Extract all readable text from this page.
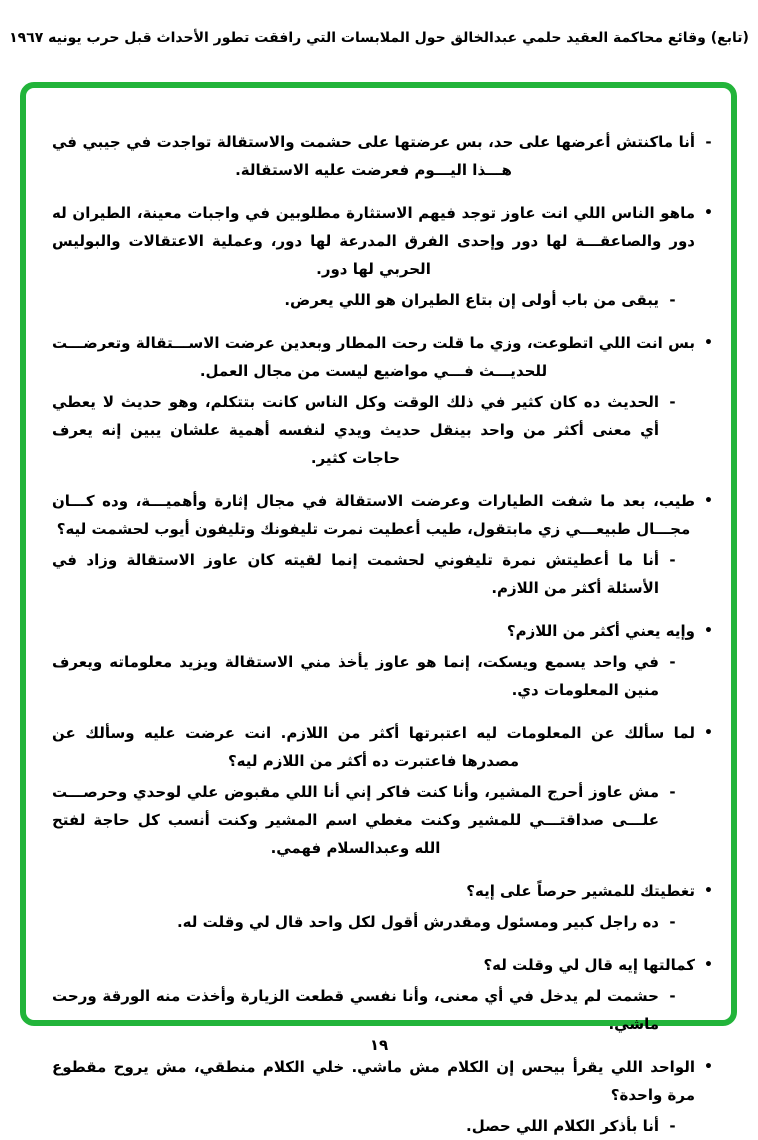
(تابع) وقائع محاكمة العقيد حلمي عبدالخالق حول الملابسات التي رافقت تطور الأحداث قبل حرب يونيه ١٩٦٧
-
أنا ماكنتش أعرضها على حد، بس عرضتها على حشمت والاستقالة تواجدت في جيبي في هـــذا اليـــوم فعرضت عليه الاستقالة.
•
ماهو الناس اللي انت عاوز توجد فيهم الاستثارة مطلوبين في واجبات معينة، الطيران له دور والصاعقـــة لها دور وإحدى الفرق المدرعة لها دور، وعملية الاعتقالات والبوليس الحربي لها دور.
-
يبقى من باب أولى إن بتاع الطيران هو اللي يعرض.
•
بس انت اللي اتطوعت، وزي ما قلت رحت المطار وبعدين عرضت الاســـتقالة وتعرضـــت للحديـــث فـــي مواضيع ليست من مجال العمل.
-
الحديث ده كان كثير في ذلك الوقت وكل الناس كانت بتتكلم، وهو حديث لا يعطي أي معنى أكثر من واحد بينقل حديث ويدي لنفسه أهمية علشان يبين إنه يعرف حاجات كثير.
•
طيب، بعد ما شفت الطيارات وعرضت الاستقالة في مجال إثارة وأهميـــة، وده كـــان مجـــال طبيعـــي زي مابتقول، طيب أعطيت نمرت تليفونك وتليفون أيوب لحشمت ليه؟
-
أنا ما أعطيتش نمرة تليفوني لحشمت إنما لقيته كان عاوز الاستقالة وزاد في الأسئلة أكثر من اللازم.
•
وإيه يعني أكثر من اللازم؟
-
في واحد يسمع ويسكت، إنما هو عاوز يأخذ مني الاستقالة ويزيد معلوماته ويعرف منين المعلومات دي.
•
لما سألك عن المعلومات ليه اعتبرتها أكثر من اللازم. انت عرضت عليه وسألك عن مصدرها فاعتبرت ده أكثر من اللازم ليه؟
-
مش عاوز أحرج المشير، وأنا كنت فاكر إني أنا اللي مقبوض علي لوحدي وحرصـــت علـــى صداقتـــي للمشير وكنت مغطي اسم المشير وكنت أنسب كل حاجة لفتح الله وعبدالسلام فهمي.
•
تغطيتك للمشير حرصاً على إيه؟
-
ده راجل كبير ومسئول ومقدرش أقول لكل واحد قال لي وقلت له.
•
كمالتها إيه قال لي وقلت له؟
-
حشمت لم يدخل في أي معنى، وأنا نفسي قطعت الزيارة وأخذت منه الورقة ورحت ماشي.
•
الواحد اللي يقرأ بيحس إن الكلام مش ماشي. خلي الكلام منطقي، مش يروح مقطوع مرة واحدة؟
-
أنا بأذكر الكلام اللي حصل.
١٩
